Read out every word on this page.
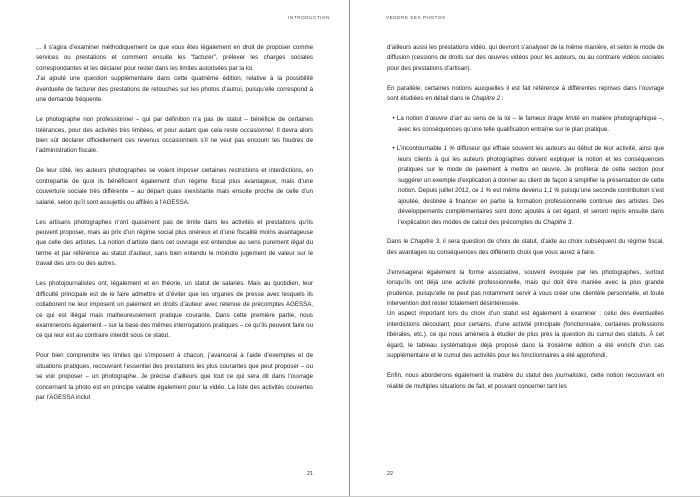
INTRODUCTION

... il s’agira d’examiner méthodiquement ce que vous êtes légalement en droit de proposer comme services ou prestations et comment ensuite les “facturer”, prélever les charges sociales correspondantes et les déclarer pour rester dans les limites autorisées par la loi.

J’ai ajouté une question supplémentaire dans cette quatrième édition, relative à la possibilité éventuelle de facturer des prestations de retouches sur les photos d’autrui, puisqu’elle correspond à une demande fréquente.

Le photographe non professionnel – qui par définition n’a pas de statut – bénéficie de certaines tolérances, pour des activités très limitées, et pour autant que cela reste occasionnel. Il devra alors bien sûr déclarer officiellement ces revenus occasionnels s’il ne veut pas encourir les foudres de l’administration fiscale.

De leur côté, les auteurs photographes se voient imposer certaines restrictions et interdictions, en contrepartie de quoi ils bénéficient également d’un régime fiscal plus avantageux, mais d’une couverture sociale très différente – au départ quasi inexistante mais ensuite proche de celle d’un salarié, selon qu’il sont assujettis ou affiliés à l’AGESSA.

Les artisans photographes n’ont quasiment pas de limite dans les activités et prestations qu’ils peuvent proposer, mais au prix d’un régime social plus onéreux et d’une fiscalité moins avantageuse que celle des artistes. La notion d’artiste dans cet ouvrage est entendue au sens purement légal du terme et par référence au statut d’auteur, sans bien entendu le moindre jugement de valeur sur le travail des uns ou des autres.

Les photojournalistes ont, légalement et en théorie, un statut de salariés. Mais au quotidien, leur difficulté principale est de le faire admettre et d’éviter que les organes de presse avec lesquels ils collaborent ne leur imposent un paiement en droits d’auteur avec retenue de précomptes AGESSA, ce qui est illégal mais malheureusement pratique courante. Dans cette première partie, nous examinerons également – sur la base des mêmes interrogations pratiques – ce qu’ils peuvent faire ou ce qui leur est au contraire interdit sous ce statut.

Pour bien comprendre les limites qui s’imposent à chacun, j’avancerai à l’aide d’exemples et de situations pratiques, recouvrant l’essentiel des prestations les plus courantes que peut proposer – ou se voir proposer – un photographe. Je précise d’ailleurs que tout ce qui sera dit dans l’ouvrage concernant la photo est en principe valable également pour la vidéo. La liste des activités couvertes par l’AGESSA inclut

21
VENDRE SES PHOTOS

d’ailleurs aussi les prestations vidéo, qui devront s’analyser de la même manière, et selon le mode de diffusion (cessions de droits sur des œuvres vidéos pour les auteurs, ou au contraire vidéos sociales pour des prestations d’artisan).

En parallèle, certaines notions auxquelles il est fait référence à différentes reprises dans l’ouvrage sont étudiées en détail dans le Chapitre 2 :

• La notion d’œuvre d’art au sens de la loi – le fameux tirage limité en matière photographique –, avec les conséquences qu’une telle qualification entraîne sur le plan pratique.

• L’incontournable 1 % diffuseur qui effraie souvent les auteurs au début de leur activité, ainsi que leurs clients à qui les auteurs photographes doivent expliquer la notion et les conséquences pratiques sur le mode de paiement à mettre en œuvre. Je profiterai de cette section pour suggérer un exemple d’explication à donner au client de façon à simplifier la présentation de cette notion. Depuis juillet 2012, ce 1 % est même devenu 1,1 % puisqu’une seconde contribution s’est ajoutée, destinée à financer en partie la formation professionnelle continue des artistes. Des développements complémentaires sont donc ajoutés à cet égard, et seront repris ensuite dans l’explication des modes de calcul des précomptes du Chapitre 3.

Dans le Chapitre 3, il sera question de choix de statut, d’aide au choix subséquent du régime fiscal, des avantages ou conséquences des différents choix que vous aurez à faire.

J’envisagerai également la forme associative, souvent évoquée par les photographes, surtout lorsqu’ils ont déjà une activité professionnelle, mais qui doit être maniée avec la plus grande prudence, puisqu’elle ne peut pas notamment servir à vous créer une clientèle personnelle, et toute intervention doit rester totalement désintéressée.

Un aspect important lors du choix d’un statut est également à examiner : celui des éventuelles interdictions découlant, pour certains, d’une activité principale (fonctionnaire, certaines professions libérales, etc.), ce qui nous amènera à étudier de plus près la question du cumul des statuts. À cet égard, le tableau systématique déjà proposé dans la troisième édition a été enrichi d’un cas supplémentaire et le cumul des activités pour les fonctionnaires a été approfondi.

Enfin, nous aborderons également la matière du statut des journalistes, cette notion recouvrant en réalité de multiples situations de fait, et pouvant concerner tant les

22
